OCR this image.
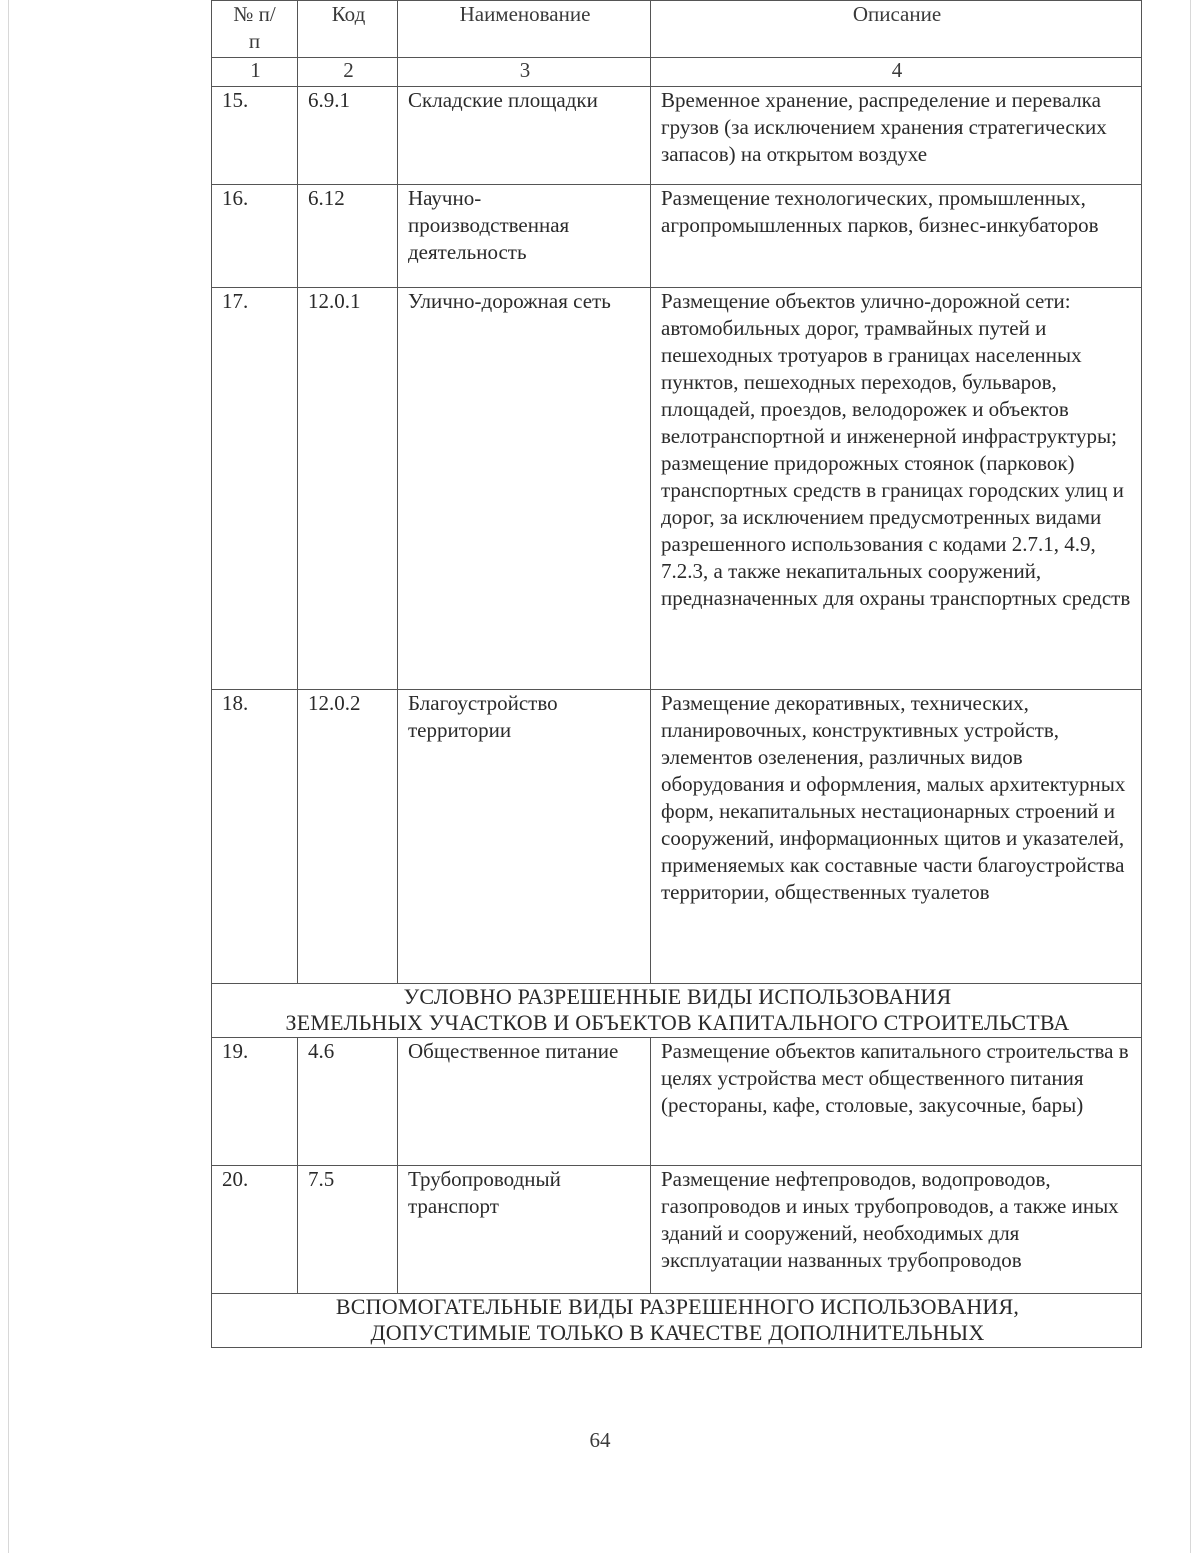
№ п/п	Код	Наименование	Описание
1	2	3	4
15.	6.9.1	Складские площадки	Временное хранение, распределение и перевалка грузов (за исключением хранения стратегических запасов) на открытом воздухе
16.	6.12	Научно-производственная деятельность	Размещение технологических, промышленных, агропромышленных парков, бизнес-инкубаторов
17.	12.0.1	Улично-дорожная сеть	Размещение объектов улично-дорожной сети: автомобильных дорог, трамвайных путей и пешеходных тротуаров в границах населенных пунктов, пешеходных переходов, бульваров, площадей, проездов, велодорожек и объектов велотранспортной и инженерной инфраструктуры; размещение придорожных стоянок (парковок) транспортных средств в границах городских улиц и дорог, за исключением предусмотренных видами разрешенного использования с кодами 2.7.1, 4.9, 7.2.3, а также некапитальных сооружений, предназначенных для охраны транспортных средств
18.	12.0.2	Благоустройство территории	Размещение декоративных, технических, планировочных, конструктивных устройств, элементов озеленения, различных видов оборудования и оформления, малых архитектурных форм, некапитальных нестационарных строений и сооружений, информационных щитов и указателей, применяемых как составные части благоустройства территории, общественных туалетов

УСЛОВНО РАЗРЕШЕННЫЕ ВИДЫ ИСПОЛЬЗОВАНИЯ
ЗЕМЕЛЬНЫХ УЧАСТКОВ И ОБЪЕКТОВ КАПИТАЛЬНОГО СТРОИТЕЛЬСТВА			

19.	4.6	Общественное питание	Размещение объектов капитального строительства в целях устройства мест общественного питания (рестораны, кафе, столовые, закусочные, бары)
20.	7.5	Трубопроводный транспорт	Размещение нефтепроводов, водопроводов, газопроводов и иных трубопроводов, а также иных зданий и сооружений, необходимых для эксплуатации названных трубопроводов

ВСПОМОГАТЕЛЬНЫЕ ВИДЫ РАЗРЕШЕННОГО ИСПОЛЬЗОВАНИЯ,
ДОПУСТИМЫЕ ТОЛЬКО В КАЧЕСТВЕ ДОПОЛНИТЕЛЬНЫХ			
64
